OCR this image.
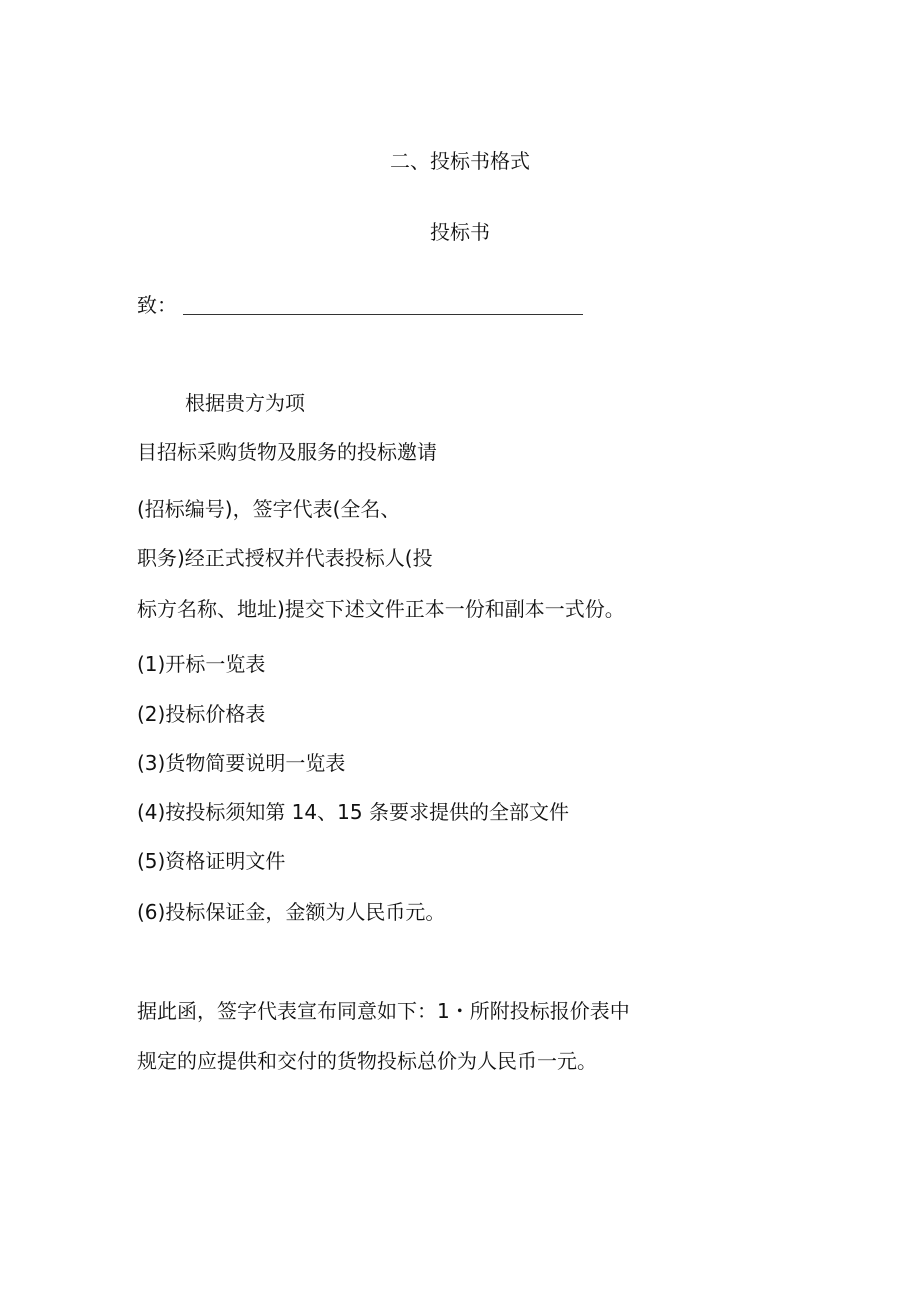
二、投标书格式
投标书
致：
根据贵方为项
目招标采购货物及服务的投标邀请
(招标编号)，签字代表(全名、
职务)经正式授权并代表投标人(投
标方名称、地址)提交下述文件正本一份和副本一式份。
(1)开标一览表
(2)投标价格表
(3)货物简要说明一览表
(4)按投标须知第 14、15 条要求提供的全部文件
(5)资格证明文件
(6)投标保证金，金额为人民币元。
据此函，签字代表宣布同意如下：1・所附投标报价表中
规定的应提供和交付的货物投标总价为人民币一元。
